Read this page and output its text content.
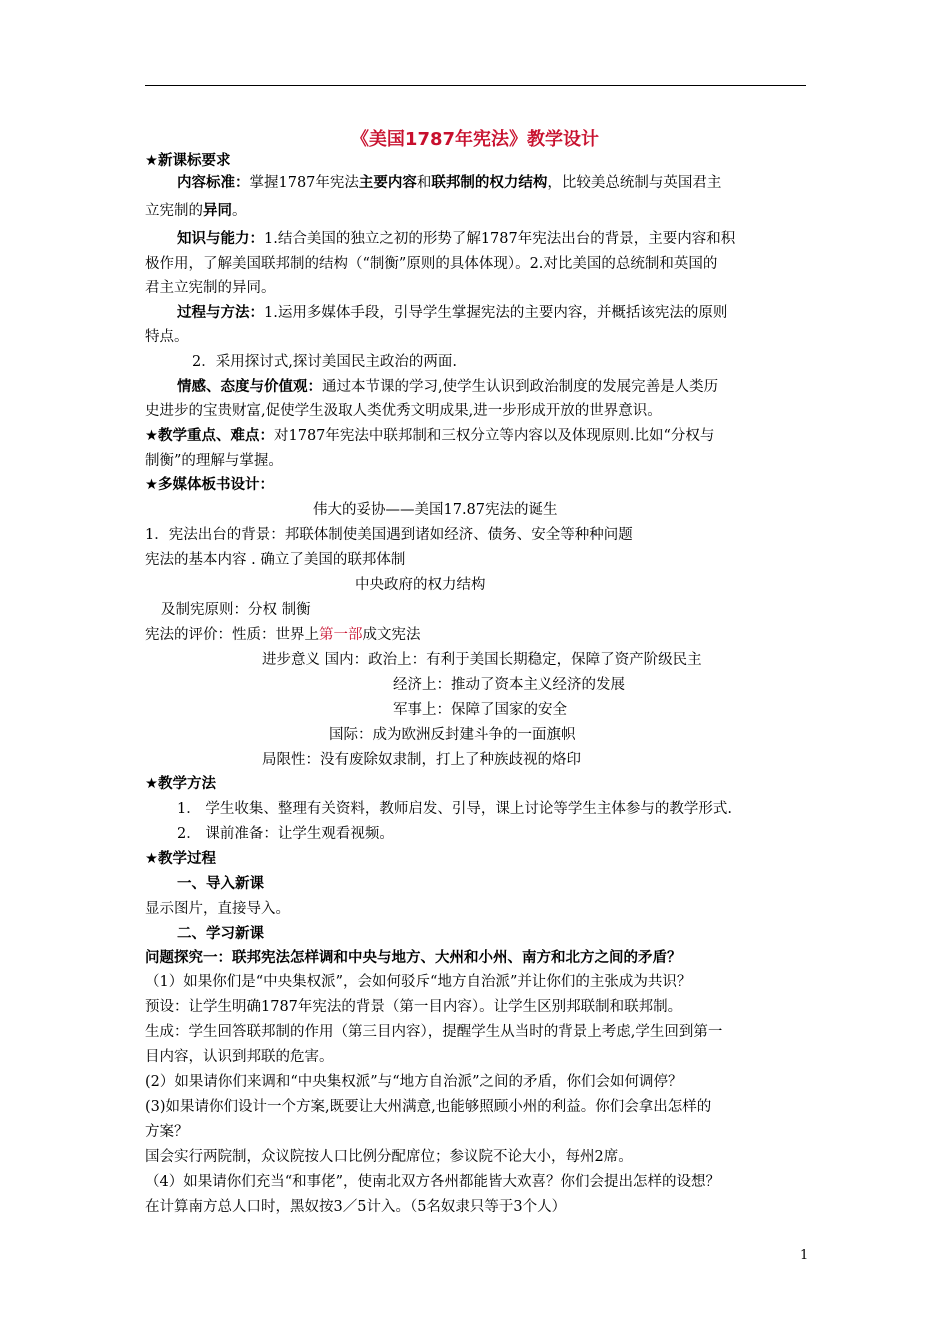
《美国1787年宪法》教学设计
★新课标要求
内容标准：掌握1787年宪法主要内容和联邦制的权力结构，比较美总统制与英国君主
立宪制的异同。
知识与能力：1.结合美国的独立之初的形势了解1787年宪法出台的背景，主要内容和积
极作用，了解美国联邦制的结构（“制衡”原则的具体体现）。2.对比美国的总统制和英国的
君主立宪制的异同。
过程与方法：1.运用多媒体手段，引导学生掌握宪法的主要内容，并概括该宪法的原则
特点。
2．采用探讨式,探讨美国民主政治的两面.
情感、态度与价值观：通过本节课的学习,使学生认识到政治制度的发展完善是人类历
史进步的宝贵财富,促使学生汲取人类优秀文明成果,进一步形成开放的世界意识。
★教学重点、难点：对1787年宪法中联邦制和三权分立等内容以及体现原则.比如“分权与
制衡”的理解与掌握。
★多媒体板书设计：
伟大的妥协——美国17.87宪法的诞生
1．宪法出台的背景：邦联体制使美国遇到诸如经济、债务、安全等种种问题
宪法的基本内容 . 确立了美国的联邦体制
中央政府的权力结构
及制宪原则：分权 制衡
宪法的评价：性质：世界上第一部成文宪法
进步意义 国内：政治上：有利于美国长期稳定，保障了资产阶级民主
经济上：推动了资本主义经济的发展
军事上：保障了国家的安全
国际：成为欧洲反封建斗争的一面旗帜
局限性：没有废除奴隶制，打上了种族歧视的烙印
★教学方法
1． 学生收集、整理有关资料，教师启发、引导，课上讨论等学生主体参与的教学形式.
2． 课前准备：让学生观看视频。
★教学过程
一、导入新课
显示图片，直接导入。
二、学习新课
问题探究一：联邦宪法怎样调和中央与地方、大州和小州、南方和北方之间的矛盾？
（1）如果你们是“中央集权派”，会如何驳斥“地方自治派”并让你们的主张成为共识？
预设：让学生明确1787年宪法的背景（第一目内容）。让学生区别邦联制和联邦制。
生成：学生回答联邦制的作用（第三目内容），提醒学生从当时的背景上考虑,学生回到第一
目内容，认识到邦联的危害。
(2）如果请你们来调和“中央集权派”与“地方自治派”之间的矛盾，你们会如何调停？
(3)如果请你们设计一个方案,既要让大州满意,也能够照顾小州的利益。你们会拿出怎样的
方案？
国会实行两院制，众议院按人口比例分配席位；参议院不论大小，每州2席。
（4）如果请你们充当“和事佬”，使南北双方各州都能皆大欢喜？你们会提出怎样的设想？
在计算南方总人口时，黑奴按3／5计入。（5名奴隶只等于3个人）
1
